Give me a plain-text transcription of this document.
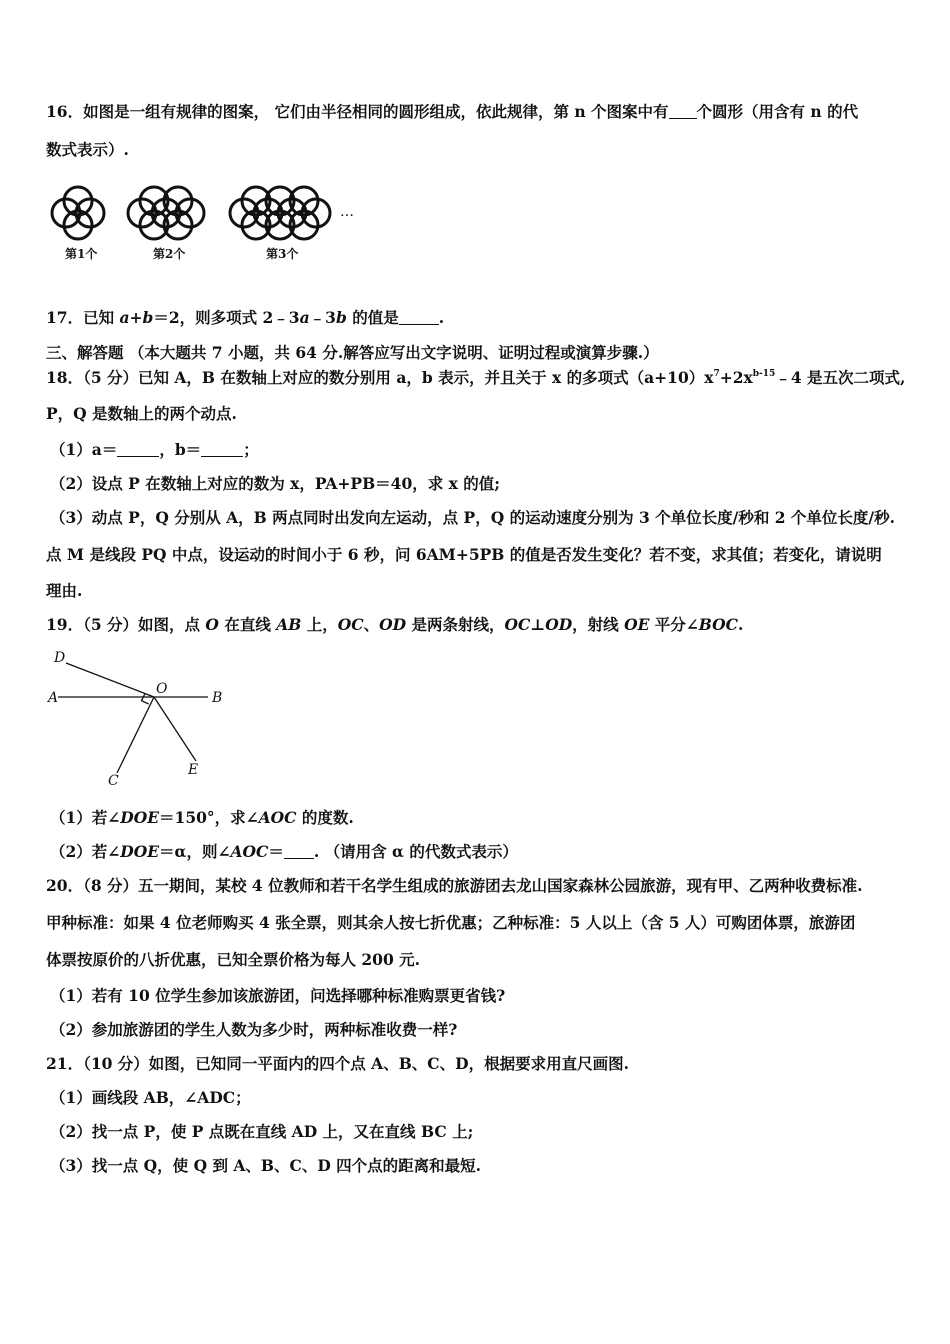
16．如图是一组有规律的图案， 它们由半径相同的圆形组成，依此规律，第 n 个图案中有 个圆形（用含有 n 的代
数式表示）.
…
第1个	第2个	第3个
17．已知 a+b＝2，则多项式 2﹣3a﹣3b 的值是	.
三、解答题 （本大题共 7 小题，共 64 分.解答应写出文字说明、证明过程或演算步骤.）
18．（5 分）已知 A，B 在数轴上对应的数分别用 a，b 表示，并且关于 x 的多项式$(a+10)x^7+2x^{b-15}﹣4$ 是五次二项式,
P，Q 是数轴上的两个动点.
（1）a＝	，b＝	；
（2）设点 P 在数轴上对应的数为 x，PA+PB＝40，求 x 的值;
（3）动点 P，Q 分别从 A，B 两点同时出发向左运动，点 P，Q 的运动速度分别为 3 个单位长度/秒和 2 个单位长度/秒.
点 M 是线段 PQ 中点，设运动的时间小于 6 秒，问 6AM+5PB 的值是否发生变化？若不变，求其值；若变化，请说明
理由.
19．（5 分）如图，点 O 在直线 AB 上，OC、OD 是两条射线，OC⊥OD，射线 OE 平分∠BOC.
D
O
A	B
C
E
（1）若∠DOE＝150°，求∠AOC 的度数.
（2）若∠DOE＝α，则∠AOC＝ . （请用含 α 的代数式表示）
20．（8 分）五一期间，某校 4 位教师和若干名学生组成的旅游团去龙山国家森林公园旅游，现有甲、乙两种收费标准.
甲种标准：如果 4 位老师购买 4 张全票，则其余人按七折优惠；乙种标准：5 人以上（含 5 人）可购团体票，旅游团
体票按原价的八折优惠，已知全票价格为每人 200 元.
（1）若有 10 位学生参加该旅游团，问选择哪种标准购票更省钱?
（2）参加旅游团的学生人数为多少时，两种标准收费一样?
21．（10 分）如图，已知同一平面内的四个点 A、B、C、D，根据要求用直尺画图.
（1）画线段 AB，∠ADC；
（2）找一点 P，使 P 点既在直线 AD 上，又在直线 BC 上;
（3）找一点 Q，使 Q 到 A、B、C、D 四个点的距离和最短.
